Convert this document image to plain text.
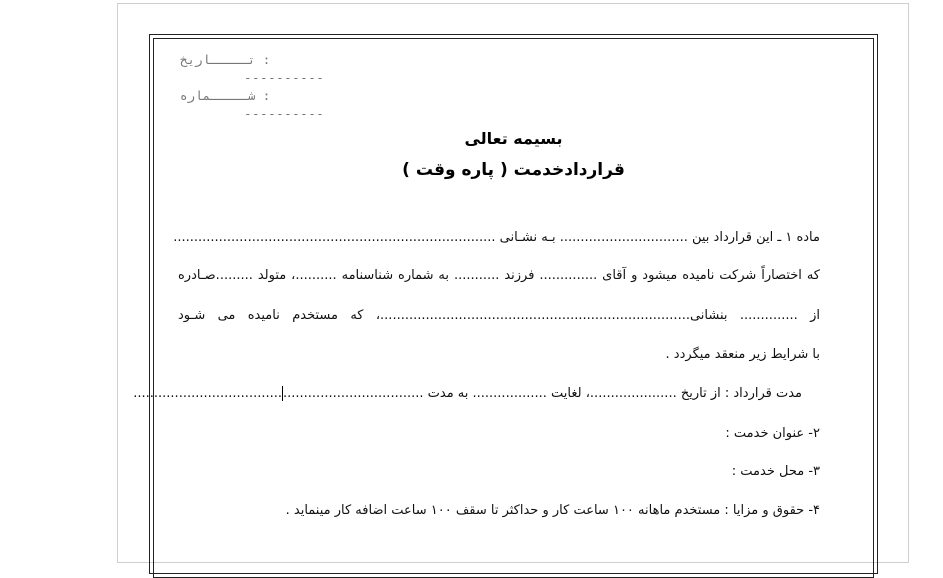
تـــــاریخ :
----------
شـــــماره :
----------
بسیمه تعالی
قراردادخدمت ( پاره وقت )
ماده ۱ ـ این قرارداد بین ............................... بـه نشـانی ..............................................................................
که اختصاراً شرکت نامیده میشود و آقای .............. فرزند ........... به شماره شناسنامه ..........، متولد .........صـادره
از .............. بنشانی...........................................................................، که مستخدم نامیده می شـود
با شرایط زیر منعقد میگردد .
مدت قرارداد : از تاریخ .....................، لغایت .................. به مدت ......................................................................
۲- عنوان خدمت :
۳- محل خدمت :
۴- حقوق و مزایا : مستخدم ماهانه ۱۰۰ ساعت کار و حداکثر تا سقف ۱۰۰ ساعت اضافه کار مینماید .
